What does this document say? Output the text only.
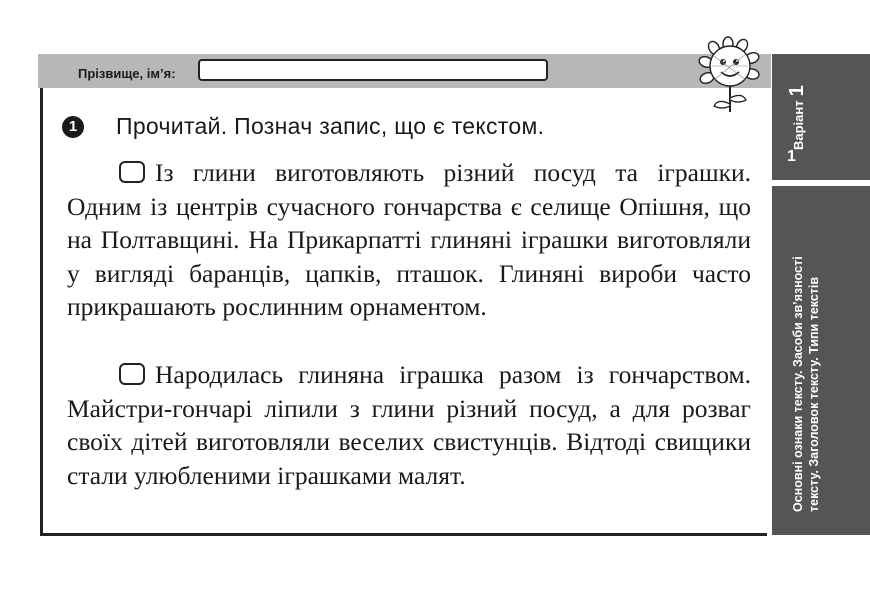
Прізвище, ім’я:
1 Прочитай. Познач запис, що є текстом.

Із глини виготовляють різний посуд та іграшки. Одним із центрів сучасного гончарства є селище Опішня, що на Полтавщині. На Прикарпатті глиняні іграшки виготовляли у вигляді баранців, цапків, пташок. Глиняні вироби часто прикрашають рослинним орнаментом.

Народилась глиняна іграшка разом із гончарством. Майстри-гончарі ліпили з глини різний посуд, а для розваг своїх дітей виготовляли веселих свистунців. Відтоді свищики стали улюбленими іграшками малят.

Варіант1
1
Основні ознаки тексту. Засоби зв’язності тексту. Заголовок тексту. Типи текстів
